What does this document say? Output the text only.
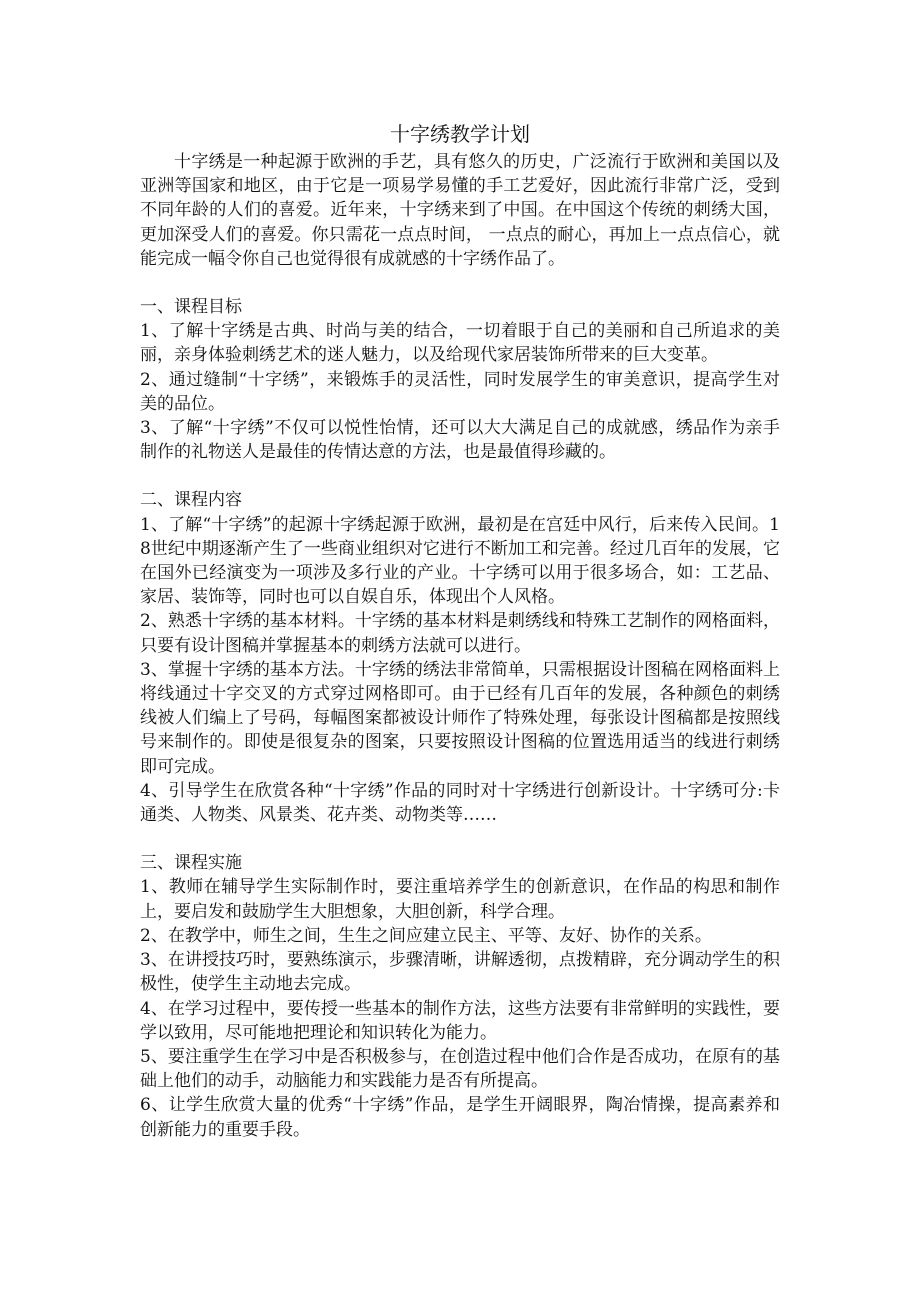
十字绣教学计划

十字绣是一种起源于欧洲的手艺，具有悠久的历史，广泛流行于欧洲和美国以及亚洲等国家和地区，由于它是一项易学易懂的手工艺爱好，因此流行非常广泛，受到不同年龄的人们的喜爱。近年来，十字绣来到了中国。在中国这个传统的刺绣大国，更加深受人们的喜爱。你只需花一点点时间， 一点点的耐心，再加上一点点信心，就能完成一幅令你自己也觉得很有成就感的十字绣作品了。

一、课程目标

1、了解十字绣是古典、时尚与美的结合，一切着眼于自己的美丽和自己所追求的美丽，亲身体验刺绣艺术的迷人魅力，以及给现代家居装饰所带来的巨大变革。

2、通过缝制“十字绣”，来锻炼手的灵活性，同时发展学生的审美意识，提高学生对美的品位。

3、了解“十字绣”不仅可以悦性怡情，还可以大大满足自己的成就感，绣品作为亲手制作的礼物送人是最佳的传情达意的方法，也是最值得珍藏的。

二、课程内容

1、了解“十字绣”的起源十字绣起源于欧洲，最初是在宫廷中风行，后来传入民间。18世纪中期逐渐产生了一些商业组织对它进行不断加工和完善。经过几百年的发展，它在国外已经演变为一项涉及多行业的产业。十字绣可以用于很多场合，如：工艺品、家居、装饰等，同时也可以自娱自乐，体现出个人风格。

2、熟悉十字绣的基本材料。十字绣的基本材料是刺绣线和特殊工艺制作的网格面料，只要有设计图稿并掌握基本的刺绣方法就可以进行。

3、掌握十字绣的基本方法。十字绣的绣法非常简单，只需根据设计图稿在网格面料上将线通过十字交叉的方式穿过网格即可。由于已经有几百年的发展，各种颜色的刺绣线被人们编上了号码，每幅图案都被设计师作了特殊处理，每张设计图稿都是按照线号来制作的。即使是很复杂的图案，只要按照设计图稿的位置选用适当的线进行刺绣即可完成。

4、引导学生在欣赏各种“十字绣”作品的同时对十字绣进行创新设计。十字绣可分:卡通类、人物类、风景类、花卉类、动物类等……

三、课程实施

1、教师在辅导学生实际制作时，要注重培养学生的创新意识，在作品的构思和制作上，要启发和鼓励学生大胆想象，大胆创新，科学合理。

2、在教学中，师生之间，生生之间应建立民主、平等、友好、协作的关系。

3、在讲授技巧时，要熟练演示，步骤清晰，讲解透彻，点拨精辟，充分调动学生的积极性，使学生主动地去完成。

4、在学习过程中，要传授一些基本的制作方法，这些方法要有非常鲜明的实践性，要学以致用，尽可能地把理论和知识转化为能力。

5、要注重学生在学习中是否积极参与，在创造过程中他们合作是否成功，在原有的基础上他们的动手，动脑能力和实践能力是否有所提高。

6、让学生欣赏大量的优秀“十字绣”作品，是学生开阔眼界，陶冶情操，提高素养和创新能力的重要手段。
